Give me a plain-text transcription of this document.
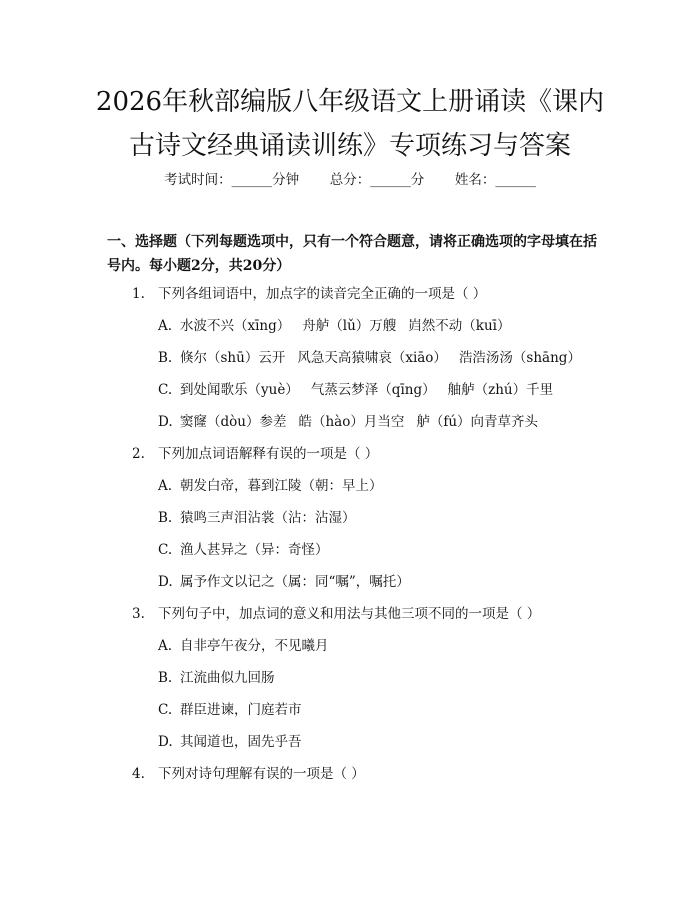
2026年秋部编版八年级语文上册诵读《课内
古诗文经典诵读训练》专项练习与答案
考试时间：______分钟 总分：______分 姓名：______
一、选择题（下列每题选项中，只有一个符合题意，请将正确选项的字母填在括号内。每小题2分，共20分）
1. 下列各组词语中，加点字的读音完全正确的一项是（ ）
A. 水波不兴（xīng） 舟舻（lǔ）万艘 岿然不动（kuī）
B. 倏尔（shū）云开 风急天高猿啸哀（xiāo） 浩浩汤汤（shāng）
C. 到处闻歌乐（yuè） 气蒸云梦泽（qīng） 舳舻（zhú）千里
D. 窦窿（dòu）参差 皓（hào）月当空 舻（fú）向青草齐头
2. 下列加点词语解释有误的一项是（ ）
A. 朝发白帝，暮到江陵（朝：早上）
B. 猿鸣三声泪沾裳（沾：沾湿）
C. 渔人甚异之（异：奇怪）
D. 属予作文以记之（属：同“嘱”，嘱托）
3. 下列句子中，加点词的意义和用法与其他三项不同的一项是（ ）
A. 自非亭午夜分，不见曦月
B. 江流曲似九回肠
C. 群臣进谏，门庭若市
D. 其闻道也，固先乎吾
4. 下列对诗句理解有误的一项是（ ）
